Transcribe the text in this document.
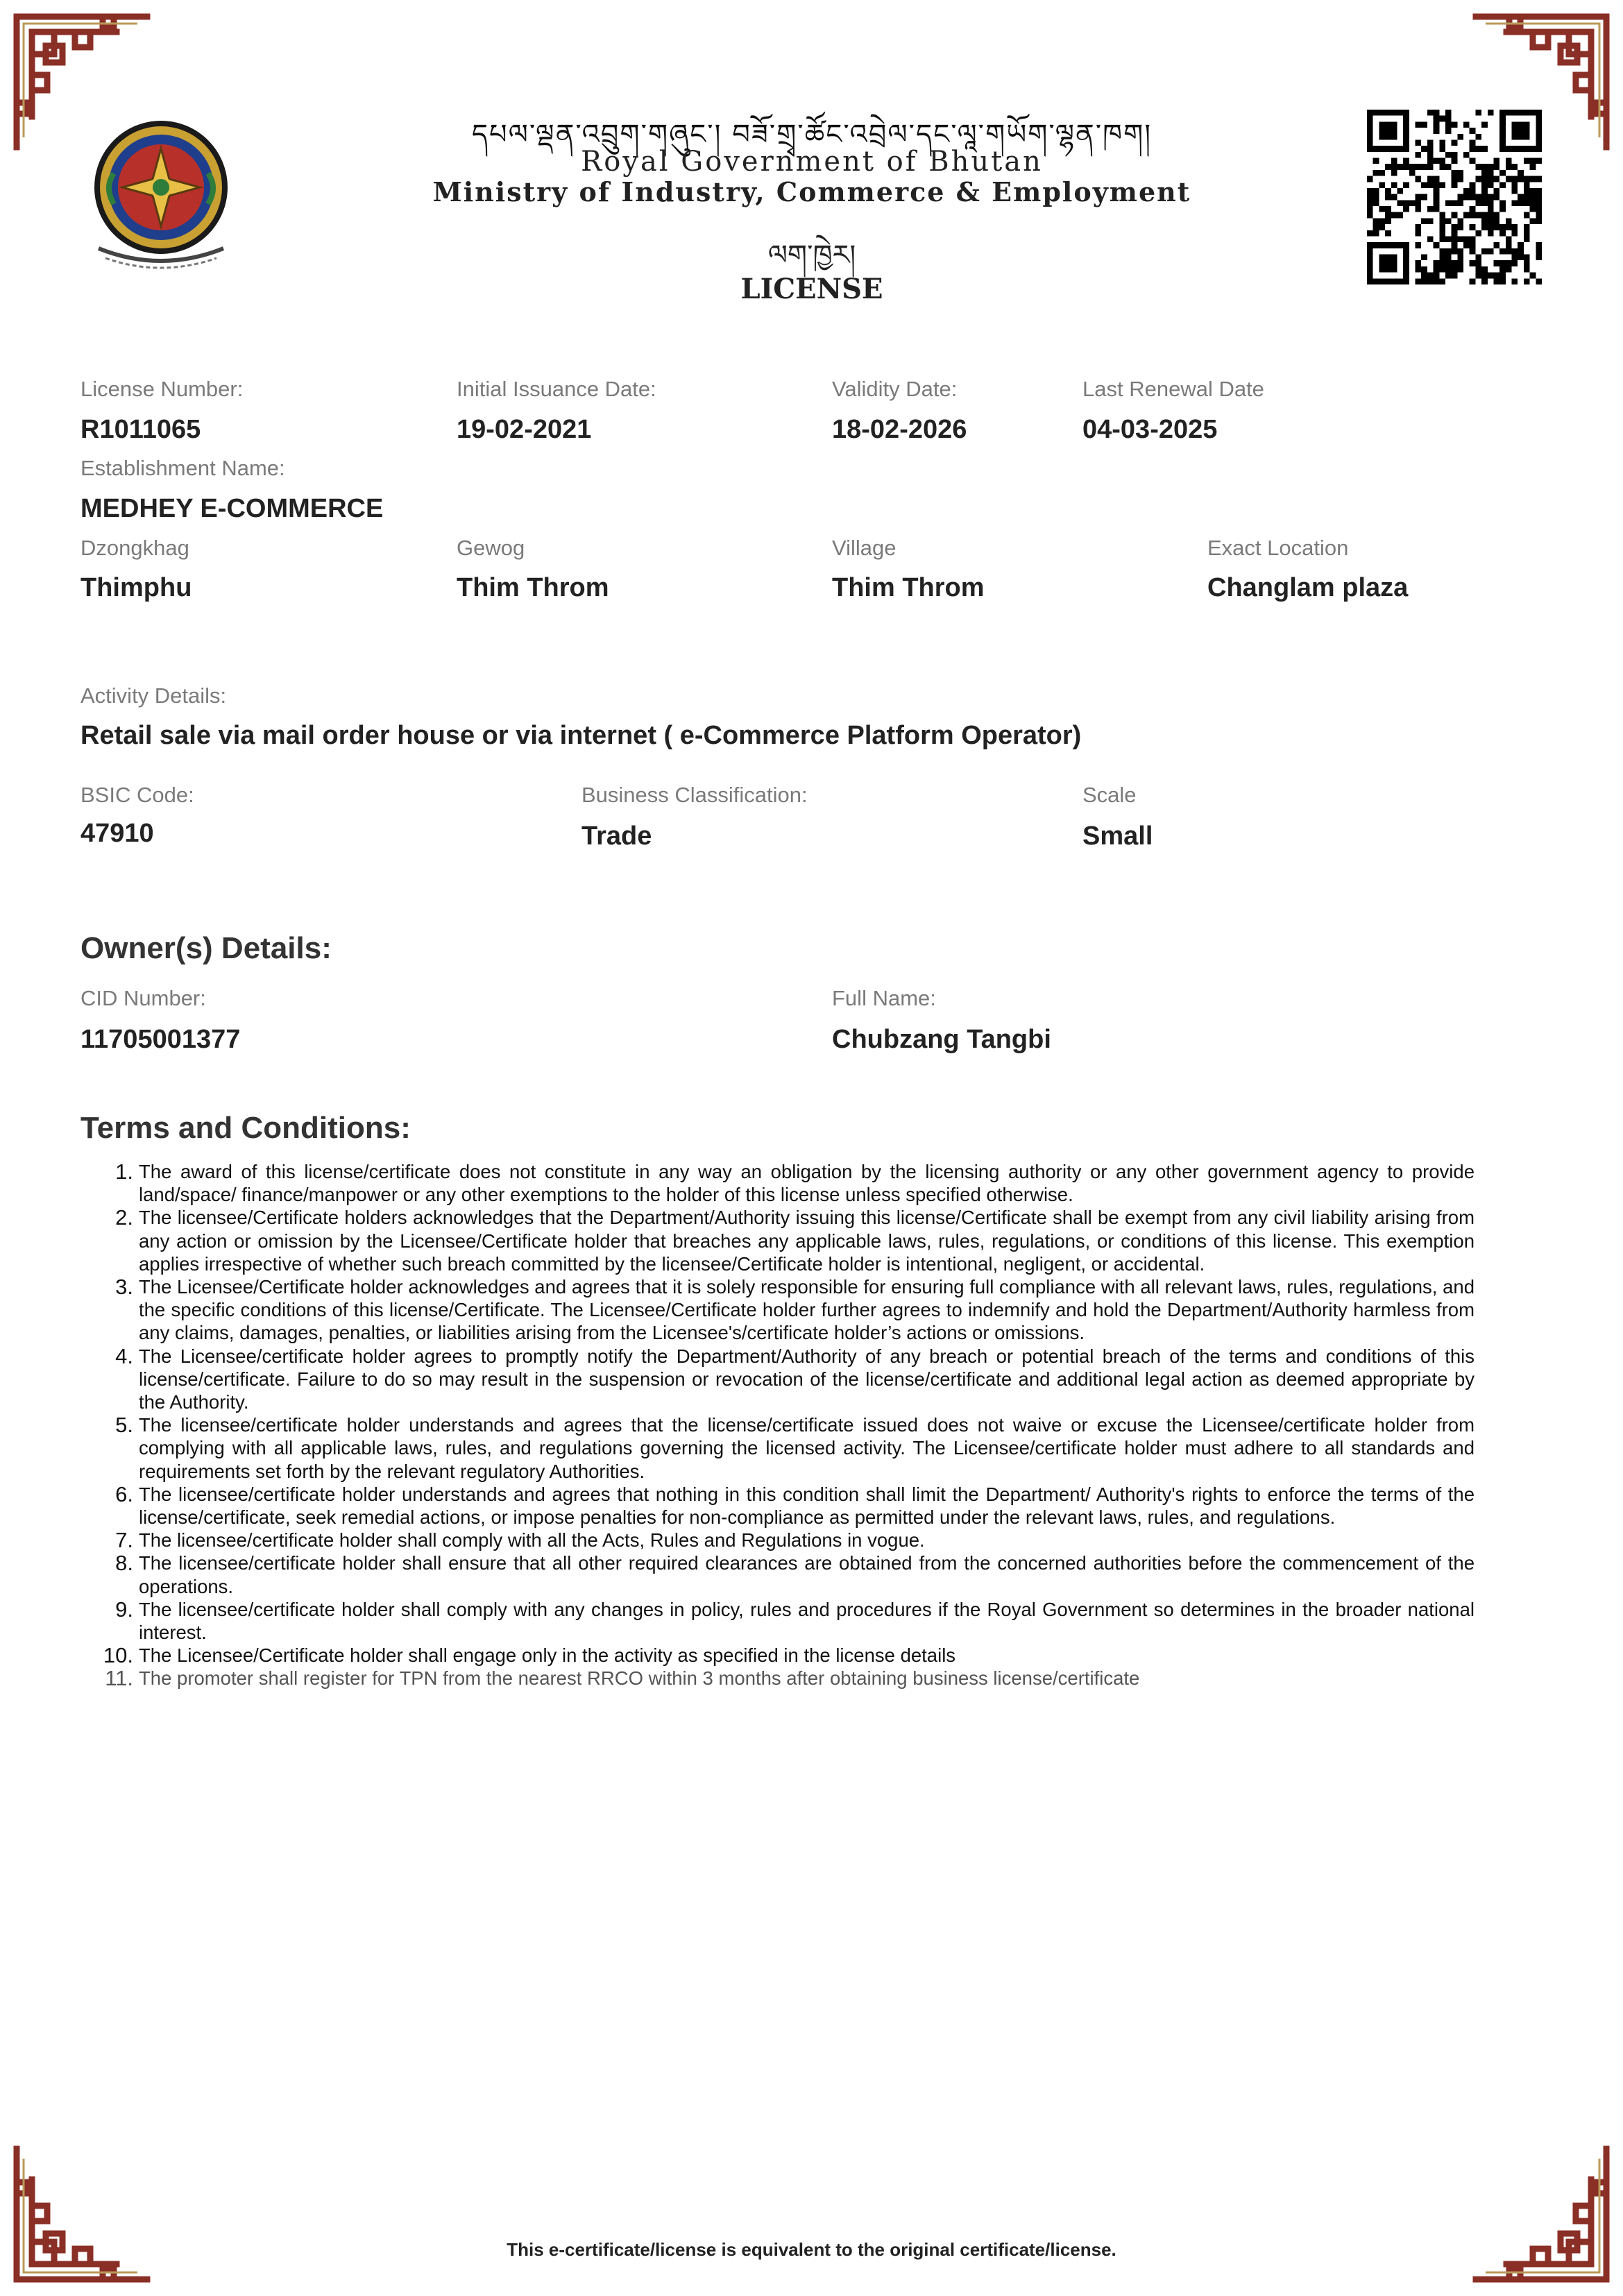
དཔལ་ལྡན་འབྲུག་གཞུང་། བཟོ་གྲྭ་ཚོང་འབྲེལ་དང་ལཱ་གཡོག་ལྷན་ཁག།
Royal Government of Bhutan
Ministry of Industry, Commerce & Employment
ལག་ཁྱེར།
LICENSE
License Number:
R1011065
Initial Issuance Date:
19-02-2021
Validity Date:
18-02-2026
Last Renewal Date
04-03-2025
Establishment Name:
MEDHEY E-COMMERCE
Dzongkhag
Thimphu
Gewog
Thim Throm
Village
Thim Throm
Exact Location
Changlam plaza
Activity Details:
Retail sale via mail order house or via internet ( e-Commerce Platform Operator)
BSIC Code:
47910
Business Classification:
Trade
Scale
Small
Owner(s) Details:
CID Number:
11705001377
Full Name:
Chubzang Tangbi
Terms and Conditions:
The award of this license/certificate does not constitute in any way an obligation by the licensing authority or any other government agency to provide land/space/ finance/manpower or any other exemptions to the holder of this license unless specified otherwise.
The licensee/Certificate holders acknowledges that the Department/Authority issuing this license/Certificate shall be exempt from any civil liability arising from any action or omission by the Licensee/Certificate holder that breaches any applicable laws, rules, regulations, or conditions of this license. This exemption applies irrespective of whether such breach committed by the licensee/Certificate holder is intentional, negligent, or accidental.
The Licensee/Certificate holder acknowledges and agrees that it is solely responsible for ensuring full compliance with all relevant laws, rules, regulations, and the specific conditions of this license/Certificate. The Licensee/Certificate holder further agrees to indemnify and hold the Department/Authority harmless from any claims, damages, penalties, or liabilities arising from the Licensee's/certificate holder’s actions or omissions.
The Licensee/certificate holder agrees to promptly notify the Department/Authority of any breach or potential breach of the terms and conditions of this license/certificate. Failure to do so may result in the suspension or revocation of the license/certificate and additional legal action as deemed appropriate by the Authority.
The licensee/certificate holder understands and agrees that the license/certificate issued does not waive or excuse the Licensee/certificate holder from complying with all applicable laws, rules, and regulations governing the licensed activity. The Licensee/certificate holder must adhere to all standards and requirements set forth by the relevant regulatory Authorities.
The licensee/certificate holder understands and agrees that nothing in this condition shall limit the Department/ Authority's rights to enforce the terms of the license/certificate, seek remedial actions, or impose penalties for non-compliance as permitted under the relevant laws, rules, and regulations.
The licensee/certificate holder shall comply with all the Acts, Rules and Regulations in vogue.
The licensee/certificate holder shall ensure that all other required clearances are obtained from the concerned authorities before the commencement of the operations.
The licensee/certificate holder shall comply with any changes in policy, rules and procedures if the Royal Government so determines in the broader national interest.
The Licensee/Certificate holder shall engage only in the activity as specified in the license details
The promoter shall register for TPN from the nearest RRCO within 3 months after obtaining business license/certificate
This e-certificate/license is equivalent to the original certificate/license.
